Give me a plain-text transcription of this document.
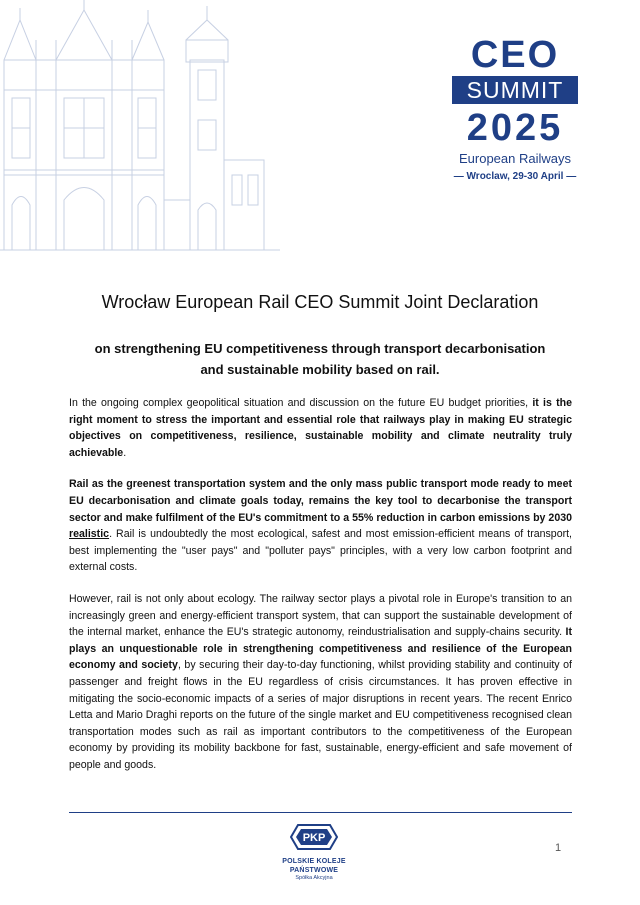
CEO
SUMMIT
2025
European Railways
— Wroclaw, 29-30 April —
Wrocław European Rail CEO Summit Joint Declaration
on strengthening EU competitiveness through transport decarbonisation
and sustainable mobility based on rail.

In the ongoing complex geopolitical situation and discussion on the future EU budget priorities, it is the right moment to stress the important and essential role that railways play in making EU strategic objectives on competitiveness, resilience, sustainable mobility and climate neutrality truly achievable.

Rail as the greenest transportation system and the only mass public transport mode ready to meet EU decarbonisation and climate goals today, remains the key tool to decarbonise the transport sector and make fulfilment of the EU's commitment to a 55% reduction in carbon emissions by 2030 realistic. Rail is undoubtedly the most ecological, safest and most emission-efficient means of transport, best implementing the "user pays" and "polluter pays" principles, with a very low carbon footprint and external costs.

However, rail is not only about ecology. The railway sector plays a pivotal role in Europe's transition to an increasingly green and energy-efficient transport system, that can support the sustainable development of the internal market, enhance the EU's strategic autonomy, reindustrialisation and supply-chains security. It plays an unquestionable role in strengthening competitiveness and resilience of the European economy and society, by securing their day-to-day functioning, whilst providing stability and continuity of passenger and freight flows in the EU regardless of crisis circumstances. It has proven effective in mitigating the socio-economic impacts of a series of major disruptions in recent years. The recent Enrico Letta and Mario Draghi reports on the future of the single market and EU competitiveness recognised clean transportation modes such as rail as important contributors to the competitiveness of the European economy by providing its mobility backbone for fast, sustainable, energy-efficient and safe movement of people and goods.

PKP
POLSKIE KOLEJE PAŃSTWOWE
Spółka Akcyjna
1
